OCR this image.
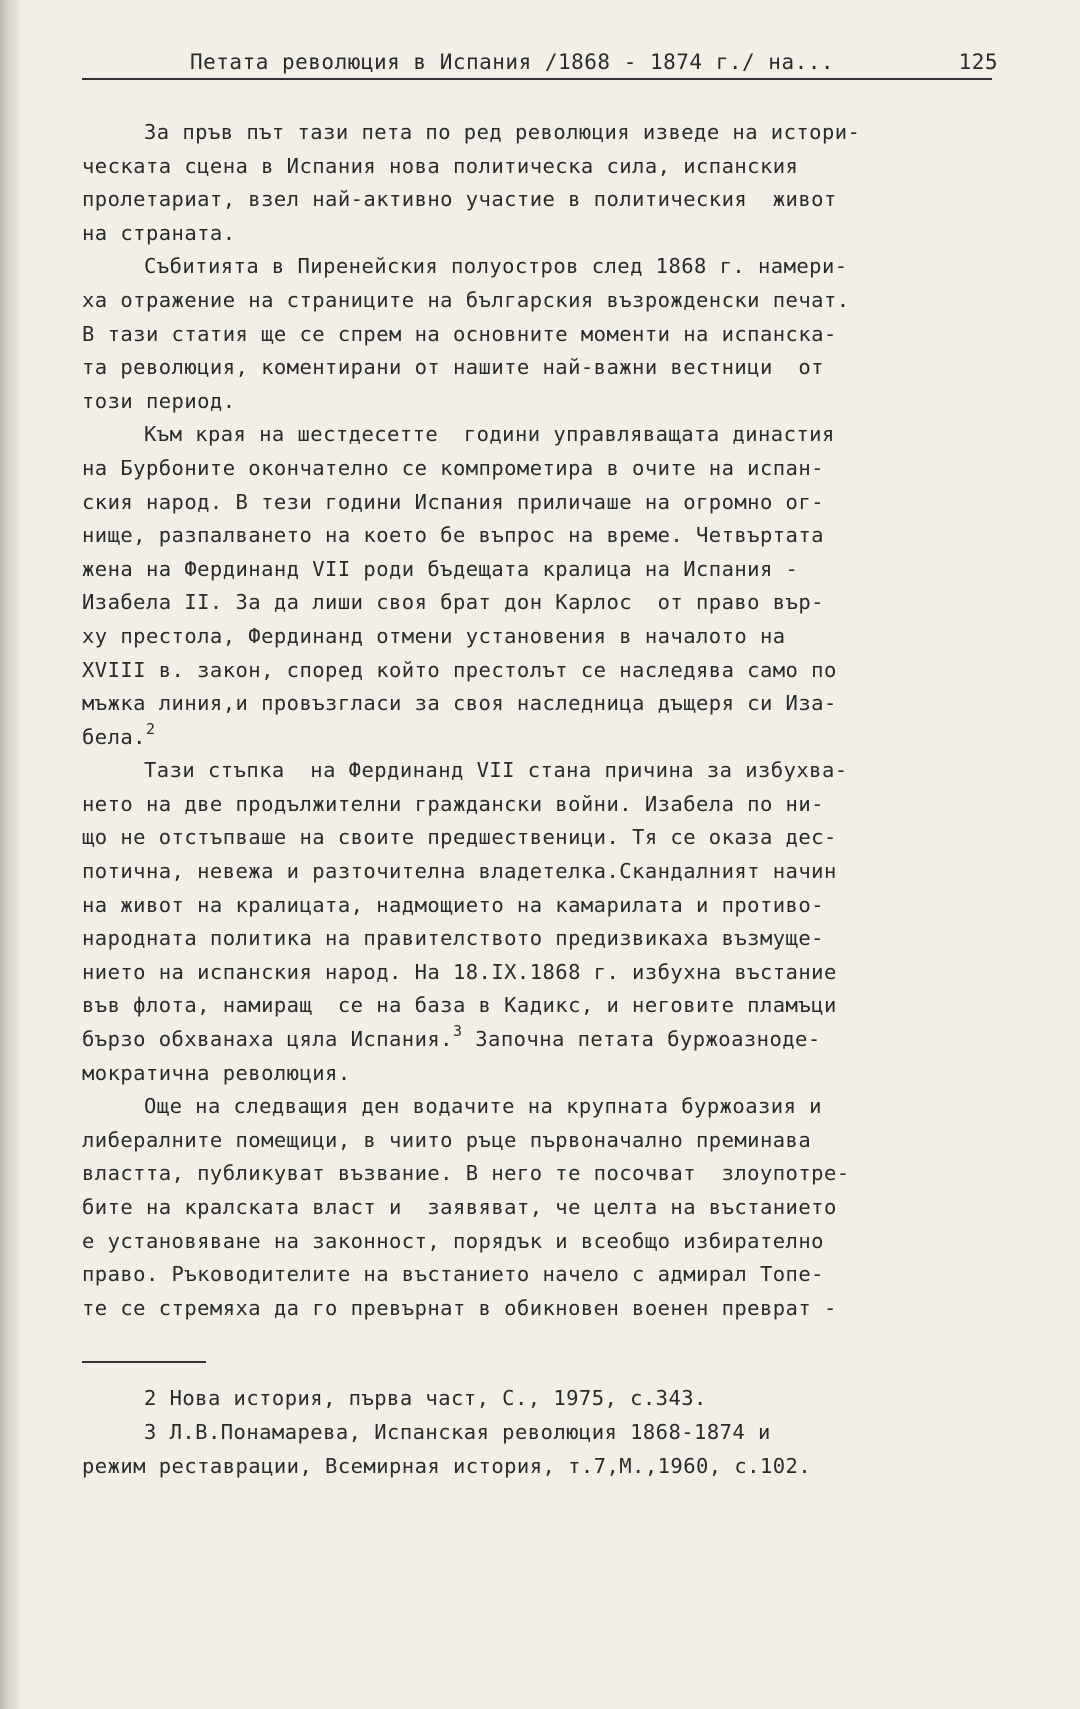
Петата революция в Испания /1868 - 1874 г./ на...	125
За пръв път тази пета по ред революция изведе на истори-
ческата сцена в Испания нова политическа сила, испанския
пролетариат, взел най-активно участие в политическия  живот
на страната.
Събитията в Пиренейския полуостров след 1868 г. намери-
ха отражение на страниците на българския възрожденски печат.
В тази статия ще се спрем на основните моменти на испанска-
та революция, коментирани от нашите най-важни вестници  от
този период.
Към края на шестдесетте  години управляващата династия
на Бурбоните окончателно се компрометира в очите на испан-
ския народ. В тези години Испания приличаше на огромно ог-
нище, разпалването на което бе въпрос на време. Четвъртата
жена на Фердинанд VII роди бъдещата кралица на Испания -
Изабела II. За да лиши своя брат дон Карлос  от право вър-
ху престола, Фердинанд отмени установения в началото на
XVIII в. закон, според който престолът се наследява само по
мъжка линия,и провъзгласи за своя наследница дъщеря си Иза-
бела.$^2$
Тази стъпка  на Фердинанд VII стана причина за избухва-
нето на две продължителни граждански войни. Изабела по ни-
що не отстъпваше на своите предшественици. Тя се оказа дес-
потична, невежа и разточителна владетелка.Скандалният начин
на живот на кралицата, надмощието на камарилата и противо-
народната политика на правителството предизвикаха възмуще-
нието на испанския народ. На 18.IX.1868 г. избухна въстание
във флота, намиращ  се на база в Кадикс, и неговите пламъци
бързо обхванаха цяла Испания.$^3$ Започна петата буржоазноде-
мократична революция.
Още на следващия ден водачите на крупната буржоазия и
либералните помещици, в чиито ръце първоначално преминава
властта, публикуват възвание. В него те посочват  злоупотре-
бите на кралската власт и  заявяват, че целта на въстанието
е установяване на законност, порядък и всеобщо избирателно
право. Ръководителите на въстанието начело с адмирал Топе-
те се стремяха да го превърнат в обикновен военен преврат -
2 Нова история, първа част, С., 1975, с.343.
3 Л.В.Понамарева, Испанская революция 1868-1874 и
режим реставрации, Всемирная история, т.7,М.,1960, с.102.
